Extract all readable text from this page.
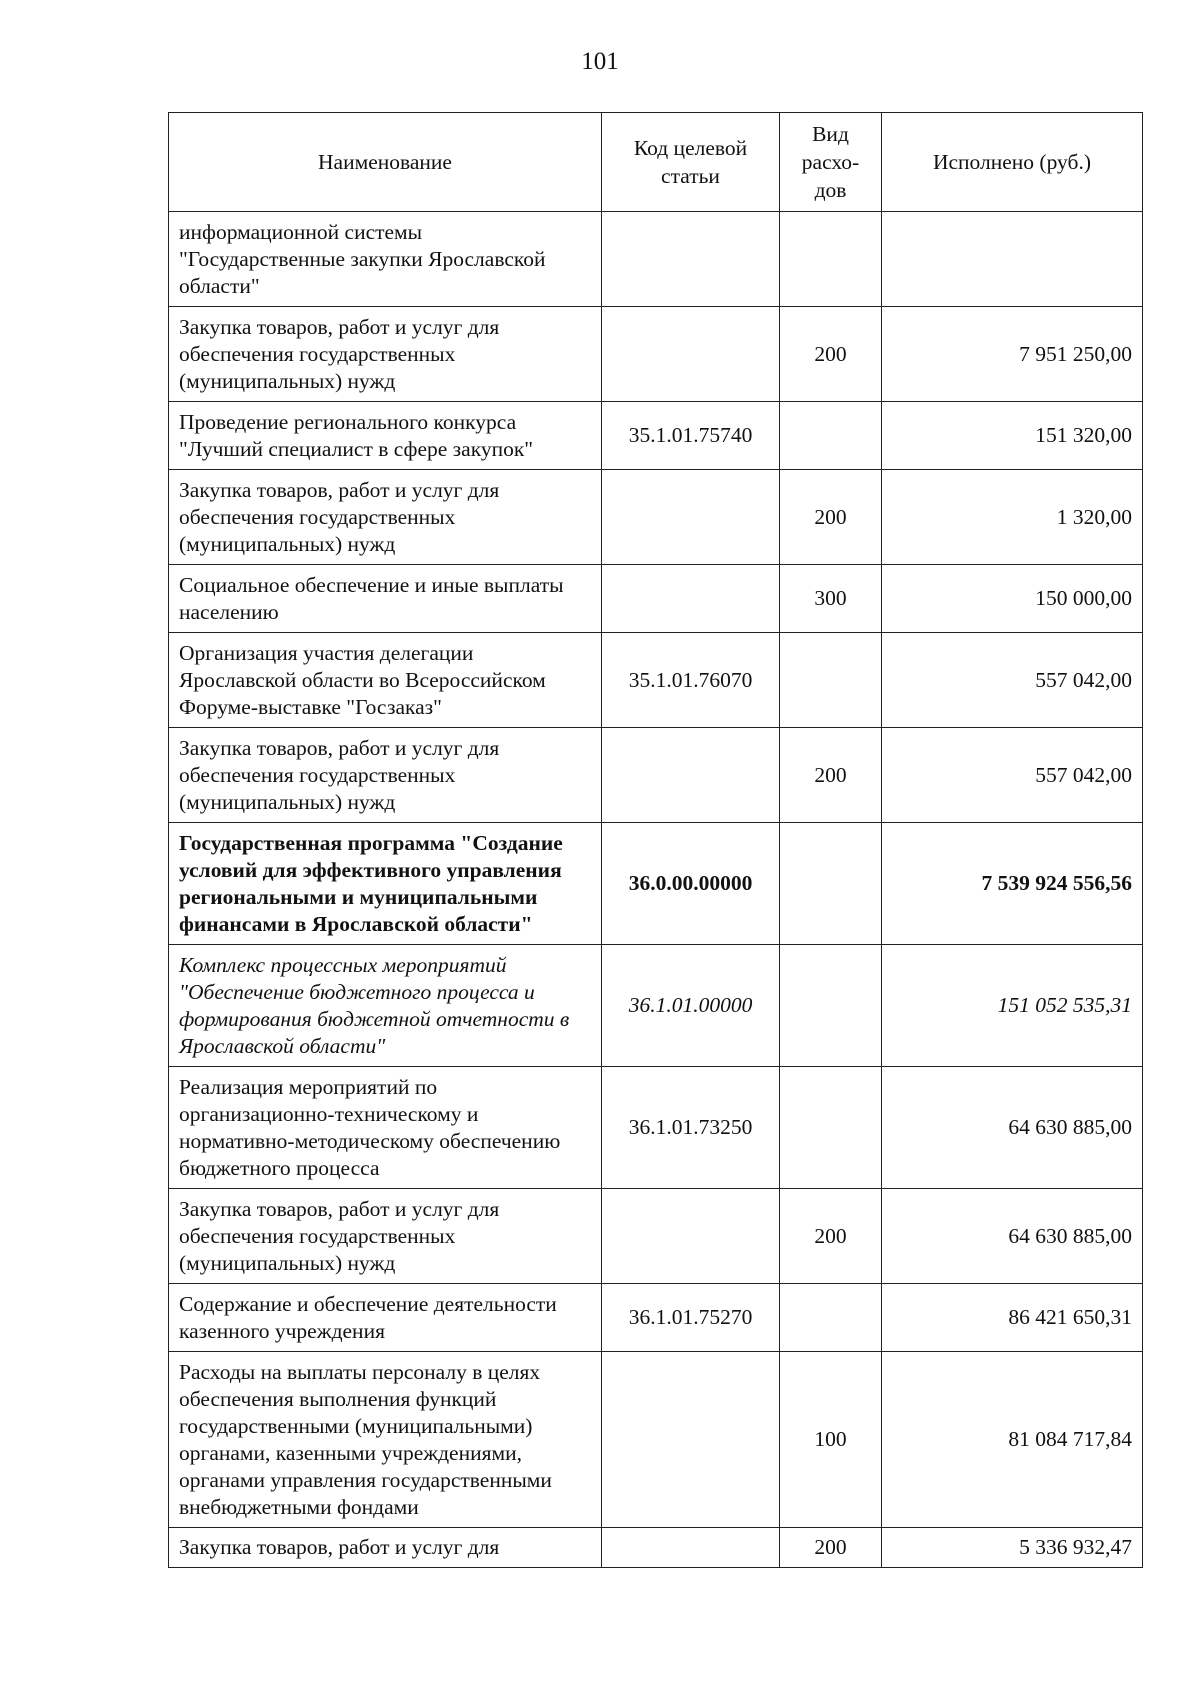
101
Наименование	Код целевой статьи	Вид расхо-дов	Исполнено (руб.)
информационной системы "Государственные закупки Ярославской области"			
Закупка товаров, работ и услуг для обеспечения государственных (муниципальных) нужд		200	7 951 250,00
Проведение регионального конкурса "Лучший специалист в сфере закупок"	35.1.01.75740		151 320,00
Закупка товаров, работ и услуг для обеспечения государственных (муниципальных) нужд		200	1 320,00
Социальное обеспечение и иные выплаты населению		300	150 000,00
Организация участия делегации Ярославской области во Всероссийском Форуме-выставке "Госзаказ"	35.1.01.76070		557 042,00
Закупка товаров, работ и услуг для обеспечения государственных (муниципальных) нужд		200	557 042,00
Государственная программа "Создание условий для эффективного управления региональными и муниципальными финансами в Ярославской области"	36.0.00.00000		7 539 924 556,56
Комплекс процессных мероприятий "Обеспечение бюджетного процесса и формирования бюджетной отчетности в Ярославской области"	36.1.01.00000		151 052 535,31
Реализация мероприятий по организационно-техническому и нормативно-методическому обеспечению бюджетного процесса	36.1.01.73250		64 630 885,00
Закупка товаров, работ и услуг для обеспечения государственных (муниципальных) нужд		200	64 630 885,00
Содержание и обеспечение деятельности казенного учреждения	36.1.01.75270		86 421 650,31
Расходы на выплаты персоналу в целях обеспечения выполнения функций государственными (муниципальными) органами, казенными учреждениями, органами управления государственными внебюджетными фондами		100	81 084 717,84
Закупка товаров, работ и услуг для		200	5 336 932,47
